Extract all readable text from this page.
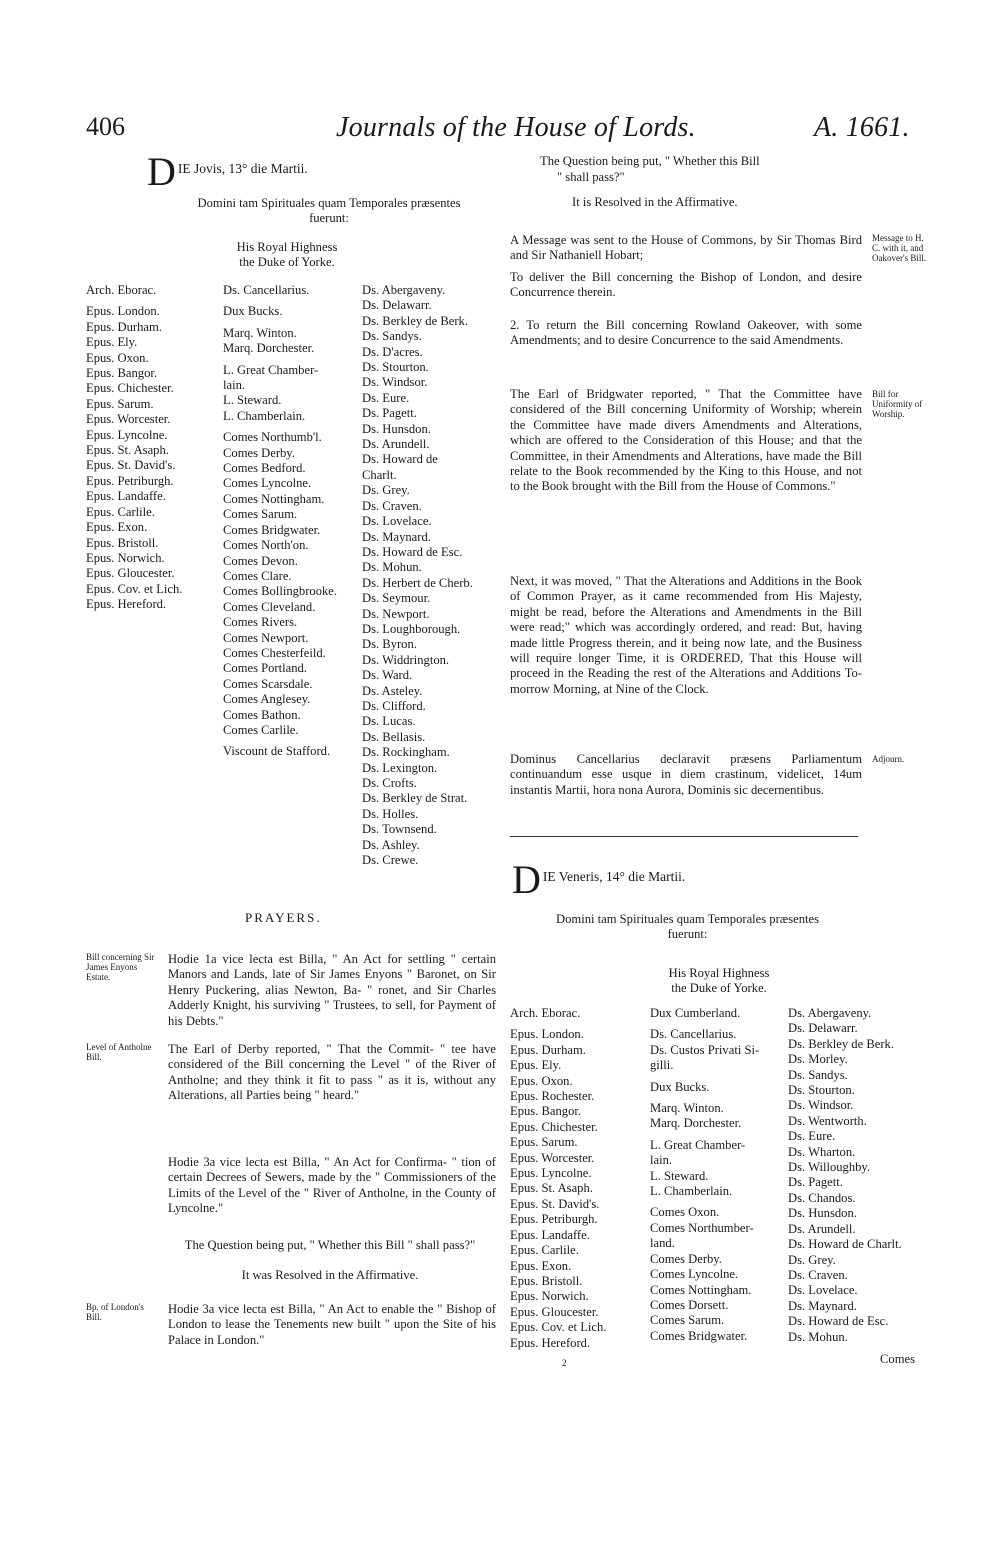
406	Journals of the House of Lords.	A. 1661.
D $_{IE Jovis, 13^\circ die Martii.}$
Domini tam Spirituales quam Temporales præsentes
fuerunt:
His Royal Highness
the Duke of Yorke.
Arch. Eborac.
Epus. London.
Epus. Durham.
Epus. Ely.
Epus. Oxon.
Epus. Bangor.
Epus. Chichester.
Epus. Sarum.
Epus. Worcester.
Epus. Lyncolne.
Epus. St. Asaph.
Epus. St. David's.
Epus. Petriburgh.
Epus. Landaffe.
Epus. Carlile.
Epus. Exon.
Epus. Bristoll.
Epus. Norwich.
Epus. Gloucester.
Epus. Cov. et Lich.
Epus. Hereford.
Ds. Cancellarius.
Dux Bucks.
Marq. Winton.
Marq. Dorchester.
L. Great Chamber-
lain.
L. Steward.
L. Chamberlain.
Comes Northumb'l.
Comes Derby.
Comes Bedford.
Comes Lyncolne.
Comes Nottingham.
Comes Sarum.
Comes Bridgwater.
Comes North'on.
Comes Devon.
Comes Clare.
Comes Bollingbrooke.
Comes Cleveland.
Comes Rivers.
Comes Newport.
Comes Chesterfeild.
Comes Portland.
Comes Scarsdale.
Comes Anglesey.
Comes Bathon.
Comes Carlile.
Viscount de Stafford.
Ds. Abergaveny.
Ds. Delawarr.
Ds. Berkley de Berk.
Ds. Sandys.
Ds. D'acres.
Ds. Stourton.
Ds. Windsor.
Ds. Eure.
Ds. Pagett.
Ds. Hunsdon.
Ds. Arundell.
Ds. Howard de
Charlt.
Ds. Grey.
Ds. Craven.
Ds. Lovelace.
Ds. Maynard.
Ds. Howard de Esc.
Ds. Mohun.
Ds. Herbert de Cherb.
Ds. Seymour.
Ds. Newport.
Ds. Loughborough.
Ds. Byron.
Ds. Widdrington.
Ds. Ward.
Ds. Asteley.
Ds. Clifford.
Ds. Lucas.
Ds. Bellasis.
Ds. Rockingham.
Ds. Lexington.
Ds. Crofts.
Ds. Berkley de Strat.
Ds. Holles.
Ds. Townsend.
Ds. Ashley.
Ds. Crewe.
PRAYERS.
Bill concerning Sir James Enyons Estate.
Hodie 1a vice lecta est Billa, " An Act for settling " certain Manors and Lands, late of Sir James Enyons " Baronet, on Sir Henry Puckering, alias Newton, Ba- " ronet, and Sir Charles Adderly Knight, his surviving " Trustees, to sell, for Payment of his Debts."
Level of Antholne Bill.
The Earl of Derby reported, " That the Commit- " tee have considered of the Bill concerning the Level " of the River of Antholne; and they think it fit to pass " as it is, without any Alterations, all Parties being " heard."
Hodie 3a vice lecta est Billa, " An Act for Confirma- " tion of certain Decrees of Sewers, made by the " Commissioners of the Limits of the Level of the " River of Antholne, in the County of Lyncolne."
The Question being put, " Whether this Bill " shall pass?"
It was Resolved in the Affirmative.
Bp. of London's Bill.
Hodie 3a vice lecta est Billa, " An Act to enable the " Bishop of London to lease the Tenements new built " upon the Site of his Palace in London."
The Question being put, " Whether this Bill
" shall pass?"
It is Resolved in the Affirmative.
A Message was sent to the House of Commons, by Sir Thomas Bird and Sir Nathaniell Hobart;
Message to H. C. with it, and Oakover's Bill.
To deliver the Bill concerning the Bishop of London, and desire Concurrence therein.
2. To return the Bill concerning Rowland Oakeover, with some Amendments; and to desire Concurrence to the said Amendments.
The Earl of Bridgwater reported, " That the Committee have considered of the Bill concerning Uniformity of Worship; wherein the Committee have made divers Amendments and Alterations, which are offered to the Consideration of this House; and that the Committee, in their Amendments and Alterations, have made the Bill relate to the Book recommended by the King to this House, and not to the Book brought with the Bill from the House of Commons."
Bill for Uniformity of Worship.
Next, it was moved, " That the Alterations and Additions in the Book of Common Prayer, as it came recommended from His Majesty, might be read, before the Alterations and Amendments in the Bill were read;" which was accordingly ordered, and read: But, having made little Progress therein, and it being now late, and the Business will require longer Time, it is ORDERED, That this House will proceed in the Reading the rest of the Alterations and Additions To-morrow Morning, at Nine of the Clock.
Dominus Cancellarius declaravit præsens Parliamentum continuandum esse usque in diem crastinum, videlicet, 14um instantis Martii, hora nona Aurora, Dominis sic decernentibus.
Adjourn.
D $_{IE Veneris, 14^\circ die Martii.}$
Domini tam Spirituales quam Temporales præsentes
fuerunt:
His Royal Highness
the Duke of Yorke.
Arch. Eborac.
Epus. London.
Epus. Durham.
Epus. Ely.
Epus. Oxon.
Epus. Rochester.
Epus. Bangor.
Epus. Chichester.
Epus. Sarum.
Epus. Worcester.
Epus. Lyncolne.
Epus. St. Asaph.
Epus. St. David's.
Epus. Petriburgh.
Epus. Landaffe.
Epus. Carlile.
Epus. Exon.
Epus. Bristoll.
Epus. Norwich.
Epus. Gloucester.
Epus. Cov. et Lich.
Epus. Hereford.
Dux Cumberland.
Ds. Cancellarius.
Ds. Custos Privati Si-
gilli.
Dux Bucks.
Marq. Winton.
Marq. Dorchester.
L. Great Chamber-
lain.
L. Steward.
L. Chamberlain.
Comes Oxon.
Comes Northumber-
land.
Comes Derby.
Comes Lyncolne.
Comes Nottingham.
Comes Dorsett.
Comes Sarum.
Comes Bridgwater.
Ds. Abergaveny.
Ds. Delawarr.
Ds. Berkley de Berk.
Ds. Morley.
Ds. Sandys.
Ds. Stourton.
Ds. Windsor.
Ds. Wentworth.
Ds. Eure.
Ds. Wharton.
Ds. Willoughby.
Ds. Pagett.
Ds. Chandos.
Ds. Hunsdon.
Ds. Arundell.
Ds. Howard de Charlt.
Ds. Grey.
Ds. Craven.
Ds. Lovelace.
Ds. Maynard.
Ds. Howard de Esc.
Ds. Mohun.
Comes
2
